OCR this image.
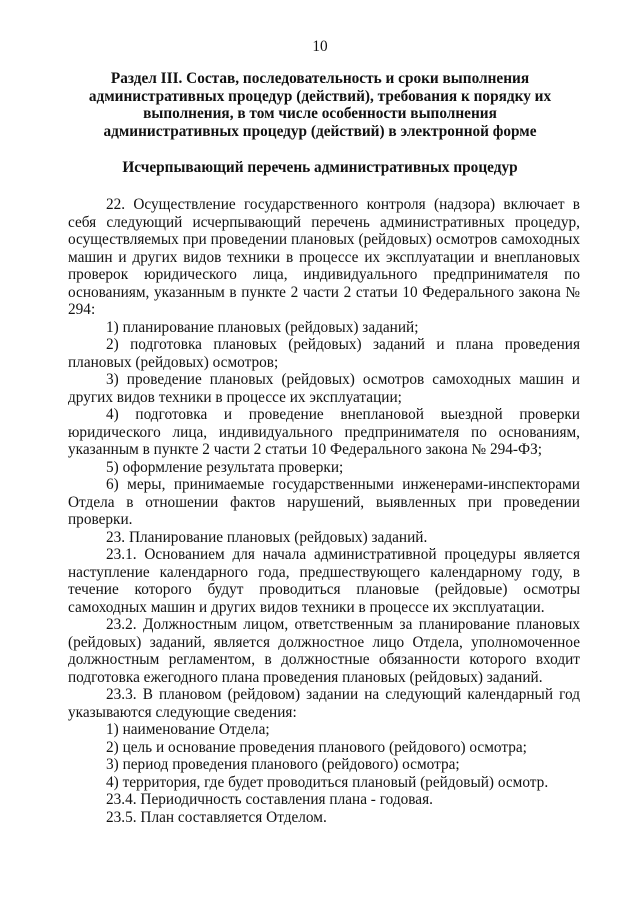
10
Раздел III. Состав, последовательность и сроки выполнения административных процедур (действий), требования к порядку их выполнения, в том числе особенности выполнения административных процедур (действий) в электронной форме
Исчерпывающий перечень административных процедур

22. Осуществление государственного контроля (надзора) включает в себя следующий исчерпывающий перечень административных процедур, осуществляемых при проведении плановых (рейдовых) осмотров самоходных машин и других видов техники в процессе их эксплуатации и внеплановых проверок юридического лица, индивидуального предпринимателя по основаниям, указанным в пункте 2 части 2 статьи 10 Федерального закона № 294:

1) планирование плановых (рейдовых) заданий;

2) подготовка плановых (рейдовых) заданий и плана проведения плановых (рейдовых) осмотров;

3) проведение плановых (рейдовых) осмотров самоходных машин и других видов техники в процессе их эксплуатации;

4) подготовка и проведение внеплановой выездной проверки юридического лица, индивидуального предпринимателя по основаниям, указанным в пункте 2 части 2 статьи 10 Федерального закона № 294-ФЗ;

5) оформление результата проверки;

6) меры, принимаемые государственными инженерами-инспекторами Отдела в отношении фактов нарушений, выявленных при проведении проверки.

23. Планирование плановых (рейдовых) заданий.

23.1. Основанием для начала административной процедуры является наступление календарного года, предшествующего календарному году, в течение которого будут проводиться плановые (рейдовые) осмотры самоходных машин и других видов техники в процессе их эксплуатации.

23.2. Должностным лицом, ответственным за планирование плановых (рейдовых) заданий, является должностное лицо Отдела, уполномоченное должностным регламентом, в должностные обязанности которого входит подготовка ежегодного плана проведения плановых (рейдовых) заданий.

23.3. В плановом (рейдовом) задании на следующий календарный год указываются следующие сведения:

1) наименование Отдела;

2) цель и основание проведения планового (рейдового) осмотра;

3) период проведения планового (рейдового) осмотра;

4) территория, где будет проводиться плановый (рейдовый) осмотр.

23.4. Периодичность составления плана - годовая.

23.5. План составляется Отделом.
